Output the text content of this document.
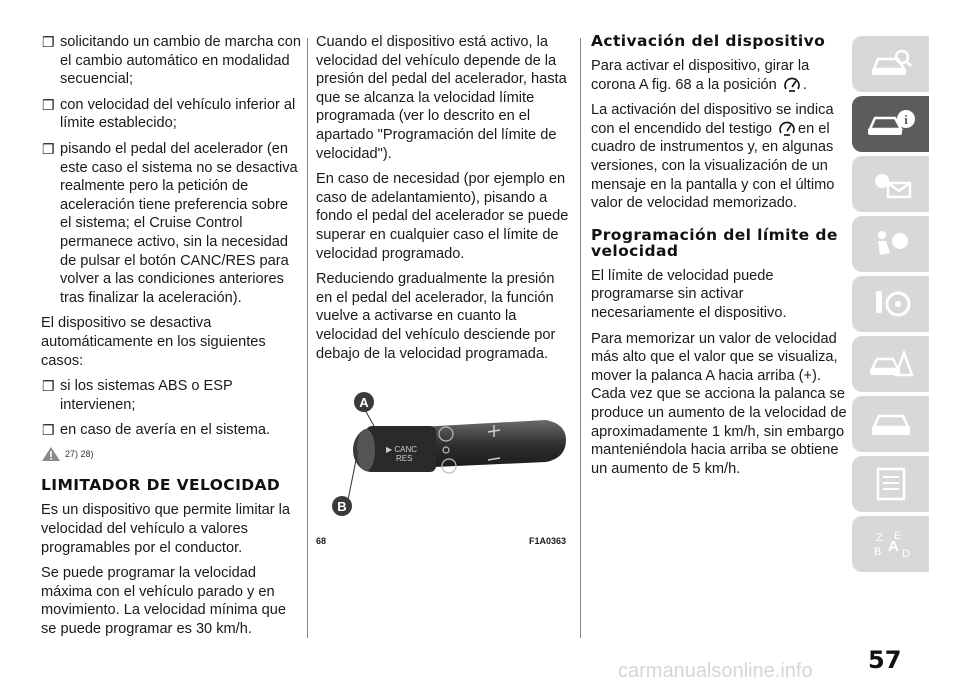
❒ solicitando un cambio de marcha con el cambio automático en modalidad secuencial;
❒ con velocidad del vehículo inferior al límite establecido;
❒ pisando el pedal del acelerador (en este caso el sistema no se desactiva realmente pero la petición de aceleración tiene preferencia sobre el sistema; el Cruise Control permanece activo, sin la necesidad de pulsar el botón CANC/RES para volver a las condiciones anteriores tras finalizar la aceleración).

El dispositivo se desactiva automáticamente en los siguientes casos:

❒ si los sistemas ABS o ESP intervienen;
❒ en caso de avería en el sistema.
27) 28)
LIMITADOR DE VELOCIDAD

Es un dispositivo que permite limitar la velocidad del vehículo a valores programables por el conductor.

Se puede programar la velocidad máxima con el vehículo parado y en movimiento. La velocidad mínima que se puede programar es 30 km/h.

Cuando el dispositivo está activo, la velocidad del vehículo depende de la presión del pedal del acelerador, hasta que se alcanza la velocidad límite programada (ver lo descrito en el apartado "Programación del límite de velocidad").

En caso de necesidad (por ejemplo en caso de adelantamiento), pisando a fondo el pedal del acelerador se puede superar en cualquier caso el límite de velocidad programado.

Reduciendo gradualmente la presión en el pedal del acelerador, la función vuelve a activarse en cuanto la velocidad del vehículo desciende por debajo de la velocidad programada.

▶ CANC RES
A
B
68	F1A0363
Activación del dispositivo

Para activar el dispositivo, girar la corona A fig. 68 a la posición .

La activación del dispositivo se indica con el encendido del testigo en el cuadro de instrumentos y, en algunas versiones, con la visualización de un mensaje en la pantalla y con el último valor de velocidad memorizado.

Programación del límite de velocidad

El límite de velocidad puede programarse sin activar necesariamente el dispositivo.

Para memorizar un valor de velocidad más alto que el valor que se visualiza, mover la palanca A hacia arriba (+). Cada vez que se acciona la palanca se produce un aumento de la velocidad de aproximadamente 1 km/h, sin embargo manteniéndola hacia arriba se obtiene un aumento de 5 km/h.

i
Z E
B A D
57
carmanualsonline.info
